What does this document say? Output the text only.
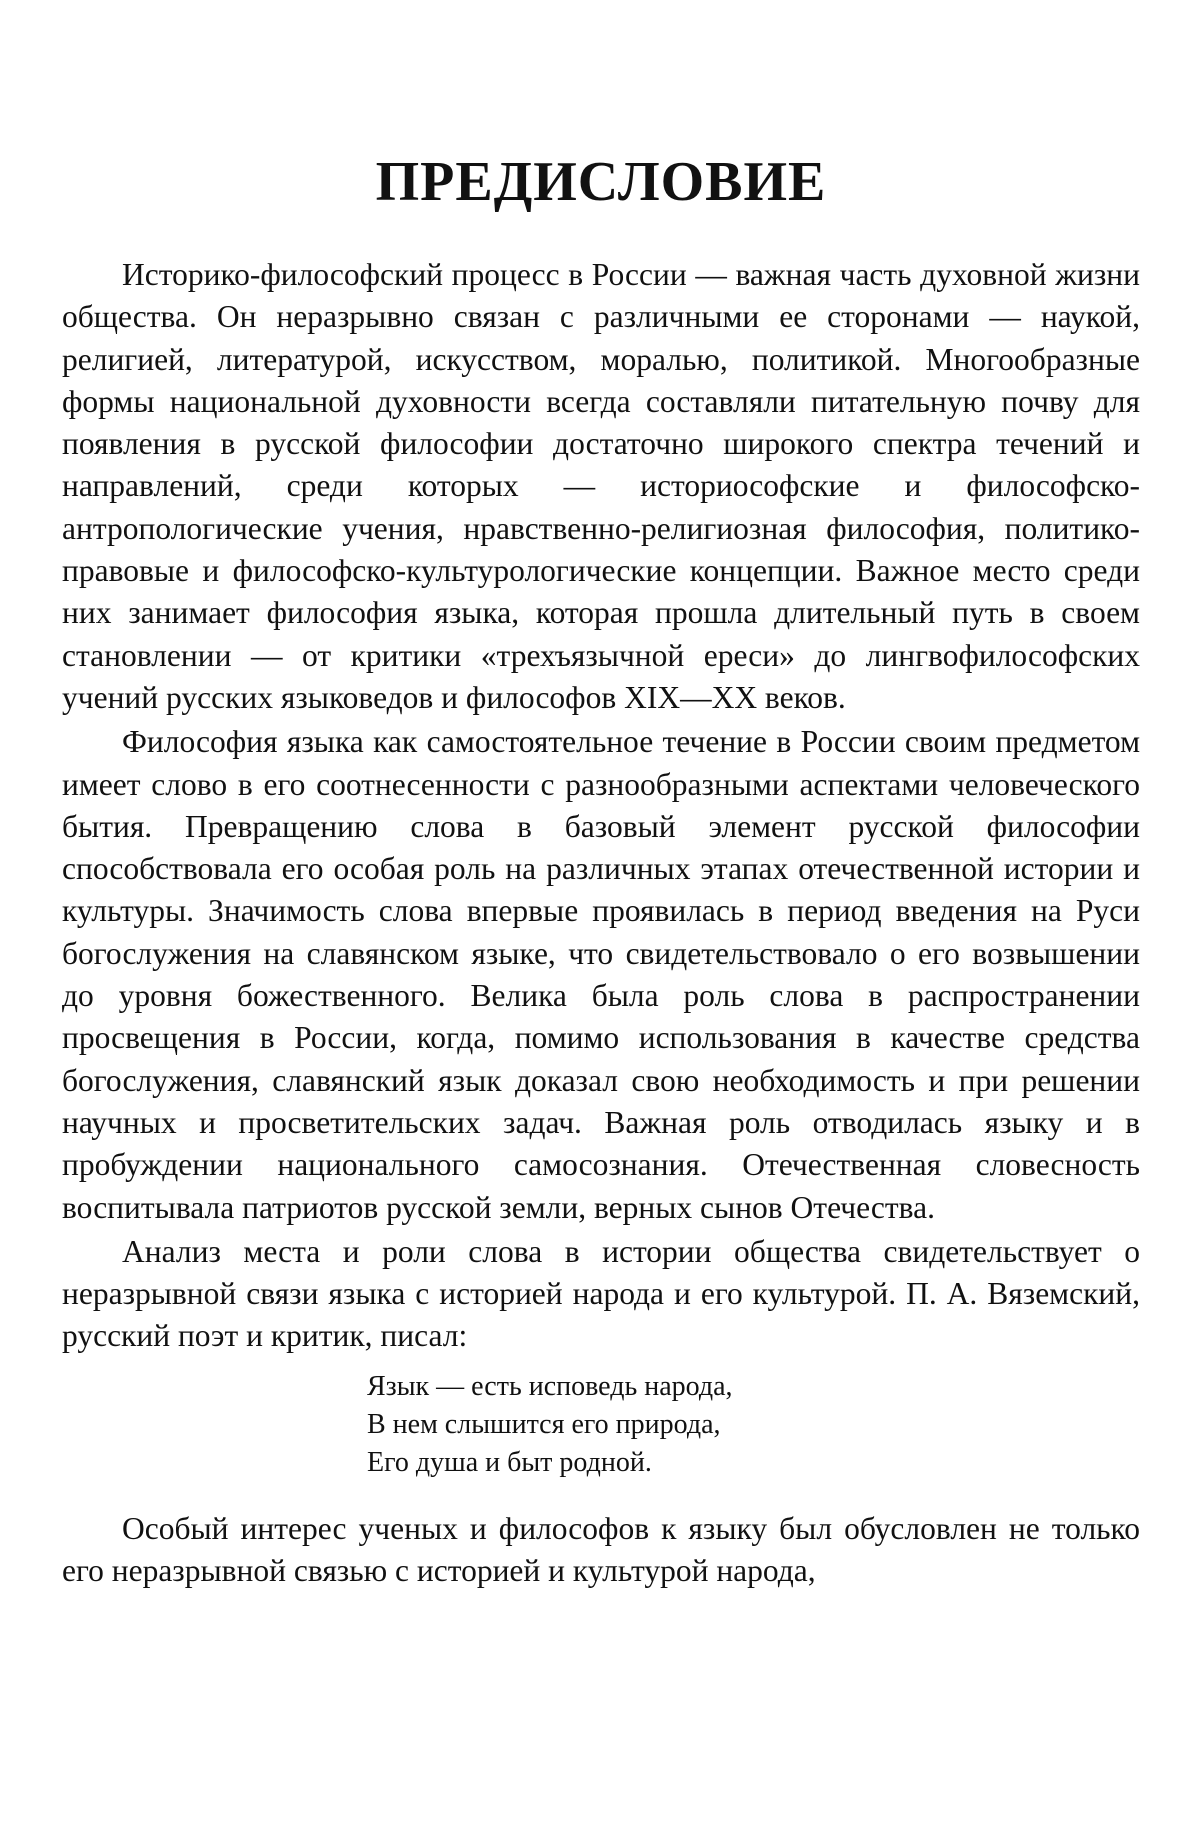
ПРЕДИСЛОВИЕ

Историко-философский процесс в России — важная часть духовной жизни общества. Он неразрывно связан с различными ее сторонами — наукой, религией, литературой, искусством, моралью, политикой. Многообразные формы национальной духовности всегда составляли питательную почву для появления в русской философии достаточно широкого спектра течений и направлений, среди которых — историософские и философско-антропологические учения, нравственно-религиозная философия, политико-правовые и философско-культурологические концепции. Важное место среди них занимает философия языка, которая прошла длительный путь в своем становлении — от критики «трехъязычной ереси» до лингвофилософских учений русских языковедов и философов XIX—XX веков.

Философия языка как самостоятельное течение в России своим предметом имеет слово в его соотнесенности с разнообразными аспектами человеческого бытия. Превращению слова в базовый элемент русской философии способствовала его особая роль на различных этапах отечественной истории и культуры. Значимость слова впервые проявилась в период введения на Руси богослужения на славянском языке, что свидетельствовало о его возвышении до уровня божественного. Велика была роль слова в распространении просвещения в России, когда, помимо использования в качестве средства богослужения, славянский язык доказал свою необходимость и при решении научных и просветительских задач. Важная роль отводилась языку и в пробуждении национального самосознания. Отечественная словесность воспитывала патриотов русской земли, верных сынов Отечества.

Анализ места и роли слова в истории общества свидетельствует о неразрывной связи языка с историей народа и его культурой. П. А. Вяземский, русский поэт и критик, писал:

Язык — есть исповедь народа,
В нем слышится его природа,
Его душа и быт родной.

Особый интерес ученых и философов к языку был обусловлен не только его неразрывной связью с историей и культурой народа,
